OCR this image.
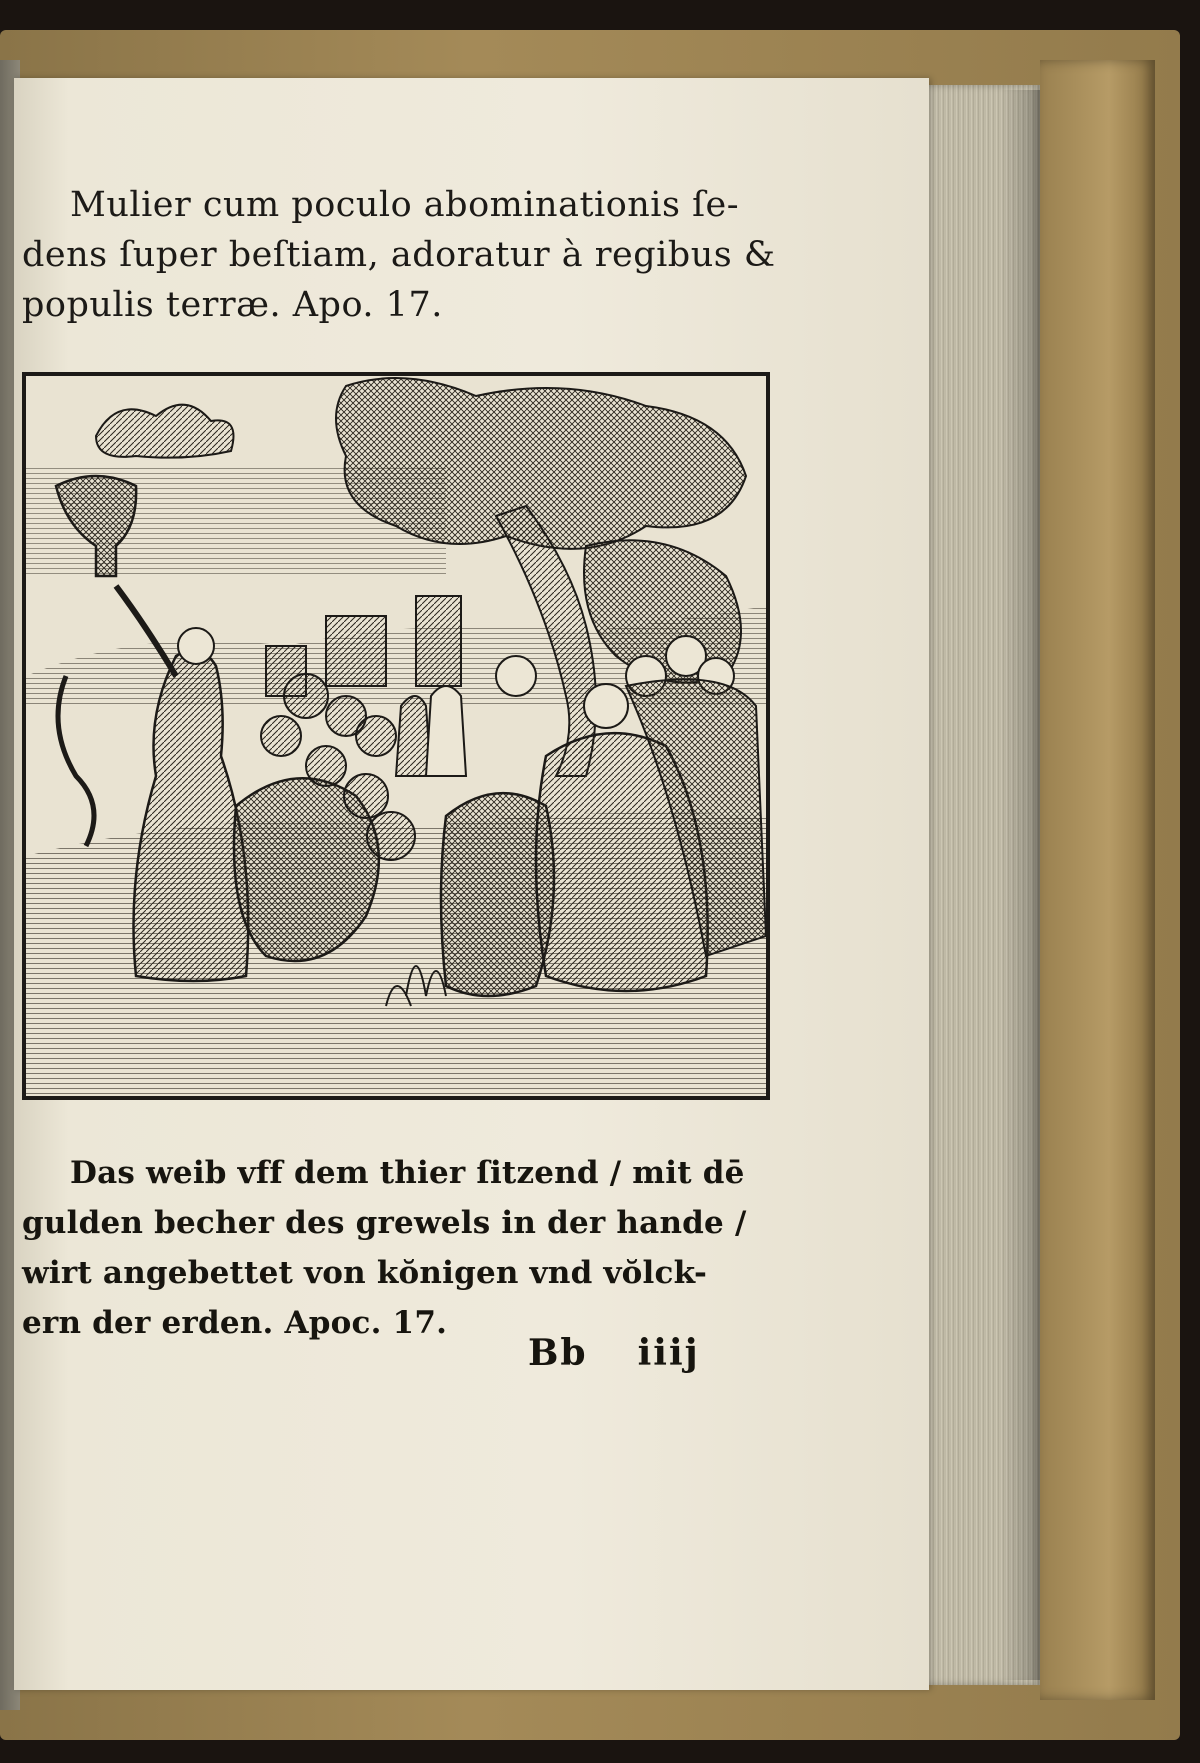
Mulier cum poculo abominationis ſe-
dens ſuper beſtiam, adoratur à regibus &
populis terræ. Apo. 17.
Das weib vff dem thier ſitzend / mit dē
gulden becher des grewels in der hande /
wirt angebettet von kŏnigen vnd vŏlck-
ern der erden. Apoc. 17.
Bb iiij
